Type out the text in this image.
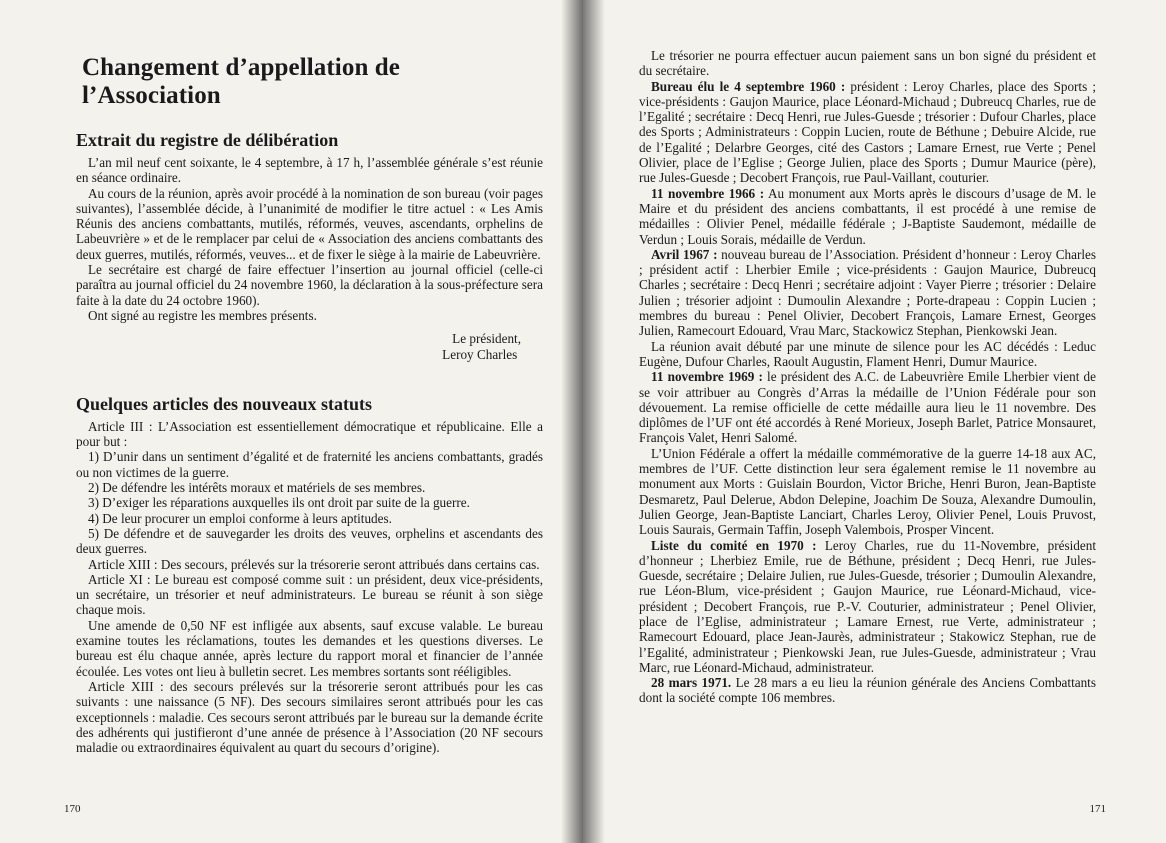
Changement d’appellation de l’Association
Extrait du registre de délibération

L’an mil neuf cent soixante, le 4 septembre, à 17 h, l’assemblée générale s’est réunie en séance ordinaire.

Au cours de la réunion, après avoir procédé à la nomination de son bureau (voir pages suivantes), l’assemblée décide, à l’unanimité de modifier le titre actuel : « Les Amis Réunis des anciens combattants, mutilés, réformés, veuves, ascendants, orphelins de Labeuvrière » et de le remplacer par celui de « Association des anciens combattants des deux guerres, mutilés, réformés, veuves... et de fixer le siège à la mairie de Labeuvrière.

Le secrétaire est chargé de faire effectuer l’insertion au journal officiel (celle-ci paraîtra au journal officiel du 24 novembre 1960, la déclaration à la sous-préfecture sera faite à la date du 24 octobre 1960).

Ont signé au registre les membres présents.

Le président,
Leroy Charles
Quelques articles des nouveaux statuts

Article III : L’Association est essentiellement démocratique et républicaine. Elle a pour but :

1) D’unir dans un sentiment d’égalité et de fraternité les anciens combattants, gradés ou non victimes de la guerre.

2) De défendre les intérêts moraux et matériels de ses membres.

3) D’exiger les réparations auxquelles ils ont droit par suite de la guerre.

4) De leur procurer un emploi conforme à leurs aptitudes.

5) De défendre et de sauvegarder les droits des veuves, orphelins et ascendants des deux guerres.

Article XIII : Des secours, prélevés sur la trésorerie seront attribués dans certains cas.

Article XI : Le bureau est composé comme suit : un président, deux vice-présidents, un secrétaire, un trésorier et neuf administrateurs. Le bureau se réunit à son siège chaque mois.

Une amende de 0,50 NF est infligée aux absents, sauf excuse valable. Le bureau examine toutes les réclamations, toutes les demandes et les questions diverses. Le bureau est élu chaque année, après lecture du rapport moral et financier de l’année écoulée. Les votes ont lieu à bulletin secret. Les membres sortants sont rééligibles.

Article XIII : des secours prélevés sur la trésorerie seront attribués pour les cas suivants : une naissance (5 NF). Des secours similaires seront attribués pour les cas exceptionnels : maladie. Ces secours seront attribués par le bureau sur la demande écrite des adhérents qui justifieront d’une année de présence à l’Association (20 NF secours maladie ou extraordinaires équivalent au quart du secours d’origine).

170

Le trésorier ne pourra effectuer aucun paiement sans un bon signé du président et du secrétaire.

Bureau élu le 4 septembre 1960 : président : Leroy Charles, place des Sports ; vice-présidents : Gaujon Maurice, place Léonard-Michaud ; Dubreucq Charles, rue de l’Egalité ; secrétaire : Decq Henri, rue Jules-Guesde ; trésorier : Dufour Charles, place des Sports ; Administrateurs : Coppin Lucien, route de Béthune ; Debuire Alcide, rue de l’Egalité ; Delarbre Georges, cité des Castors ; Lamare Ernest, rue Verte ; Penel Olivier, place de l’Eglise ; George Julien, place des Sports ; Dumur Maurice (père), rue Jules-Guesde ; Decobert François, rue Paul-Vaillant, couturier.

11 novembre 1966 : Au monument aux Morts après le discours d’usage de M. le Maire et du président des anciens combattants, il est procédé à une remise de médailles : Olivier Penel, médaille fédérale ; J-Baptiste Saudemont, médaille de Verdun ; Louis Sorais, médaille de Verdun.

Avril 1967 : nouveau bureau de l’Association. Président d’honneur : Leroy Charles ; président actif : Lherbier Emile ; vice-présidents : Gaujon Maurice, Dubreucq Charles ; secrétaire : Decq Henri ; secrétaire adjoint : Vayer Pierre ; trésorier : Delaire Julien ; trésorier adjoint : Dumoulin Alexandre ; Porte-drapeau : Coppin Lucien ; membres du bureau : Penel Olivier, Decobert François, Lamare Ernest, Georges Julien, Ramecourt Edouard, Vrau Marc, Stackowicz Stephan, Pienkowski Jean.

La réunion avait débuté par une minute de silence pour les AC décédés : Leduc Eugène, Dufour Charles, Raoult Augustin, Flament Henri, Dumur Maurice.

11 novembre 1969 : le président des A.C. de Labeuvrière Emile Lherbier vient de se voir attribuer au Congrès d’Arras la médaille de l’Union Fédérale pour son dévouement. La remise officielle de cette médaille aura lieu le 11 novembre. Des diplômes de l’UF ont été accordés à René Morieux, Joseph Barlet, Patrice Monsauret, François Valet, Henri Salomé.

L’Union Fédérale a offert la médaille commémorative de la guerre 14-18 aux AC, membres de l’UF. Cette distinction leur sera également remise le 11 novembre au monument aux Morts : Guislain Bourdon, Victor Briche, Henri Buron, Jean-Baptiste Desmaretz, Paul Delerue, Abdon Delepine, Joachim De Souza, Alexandre Dumoulin, Julien George, Jean-Baptiste Lanciart, Charles Leroy, Olivier Penel, Louis Pruvost, Louis Saurais, Germain Taffin, Joseph Valembois, Prosper Vincent.

Liste du comité en 1970 : Leroy Charles, rue du 11-Novembre, président d’honneur ; Lherbiez Emile, rue de Béthune, président ; Decq Henri, rue Jules-Guesde, secrétaire ; Delaire Julien, rue Jules-Guesde, trésorier ; Dumoulin Alexandre, rue Léon-Blum, vice-président ; Gaujon Maurice, rue Léonard-Michaud, vice-président ; Decobert François, rue P.-V. Couturier, administrateur ; Penel Olivier, place de l’Eglise, administrateur ; Lamare Ernest, rue Verte, administrateur ; Ramecourt Edouard, place Jean-Jaurès, administrateur ; Stakowicz Stephan, rue de l’Egalité, administrateur ; Pienkowski Jean, rue Jules-Guesde, administrateur ; Vrau Marc, rue Léonard-Michaud, administrateur.

28 mars 1971. Le 28 mars a eu lieu la réunion générale des Anciens Combattants dont la société compte 106 membres.

171
